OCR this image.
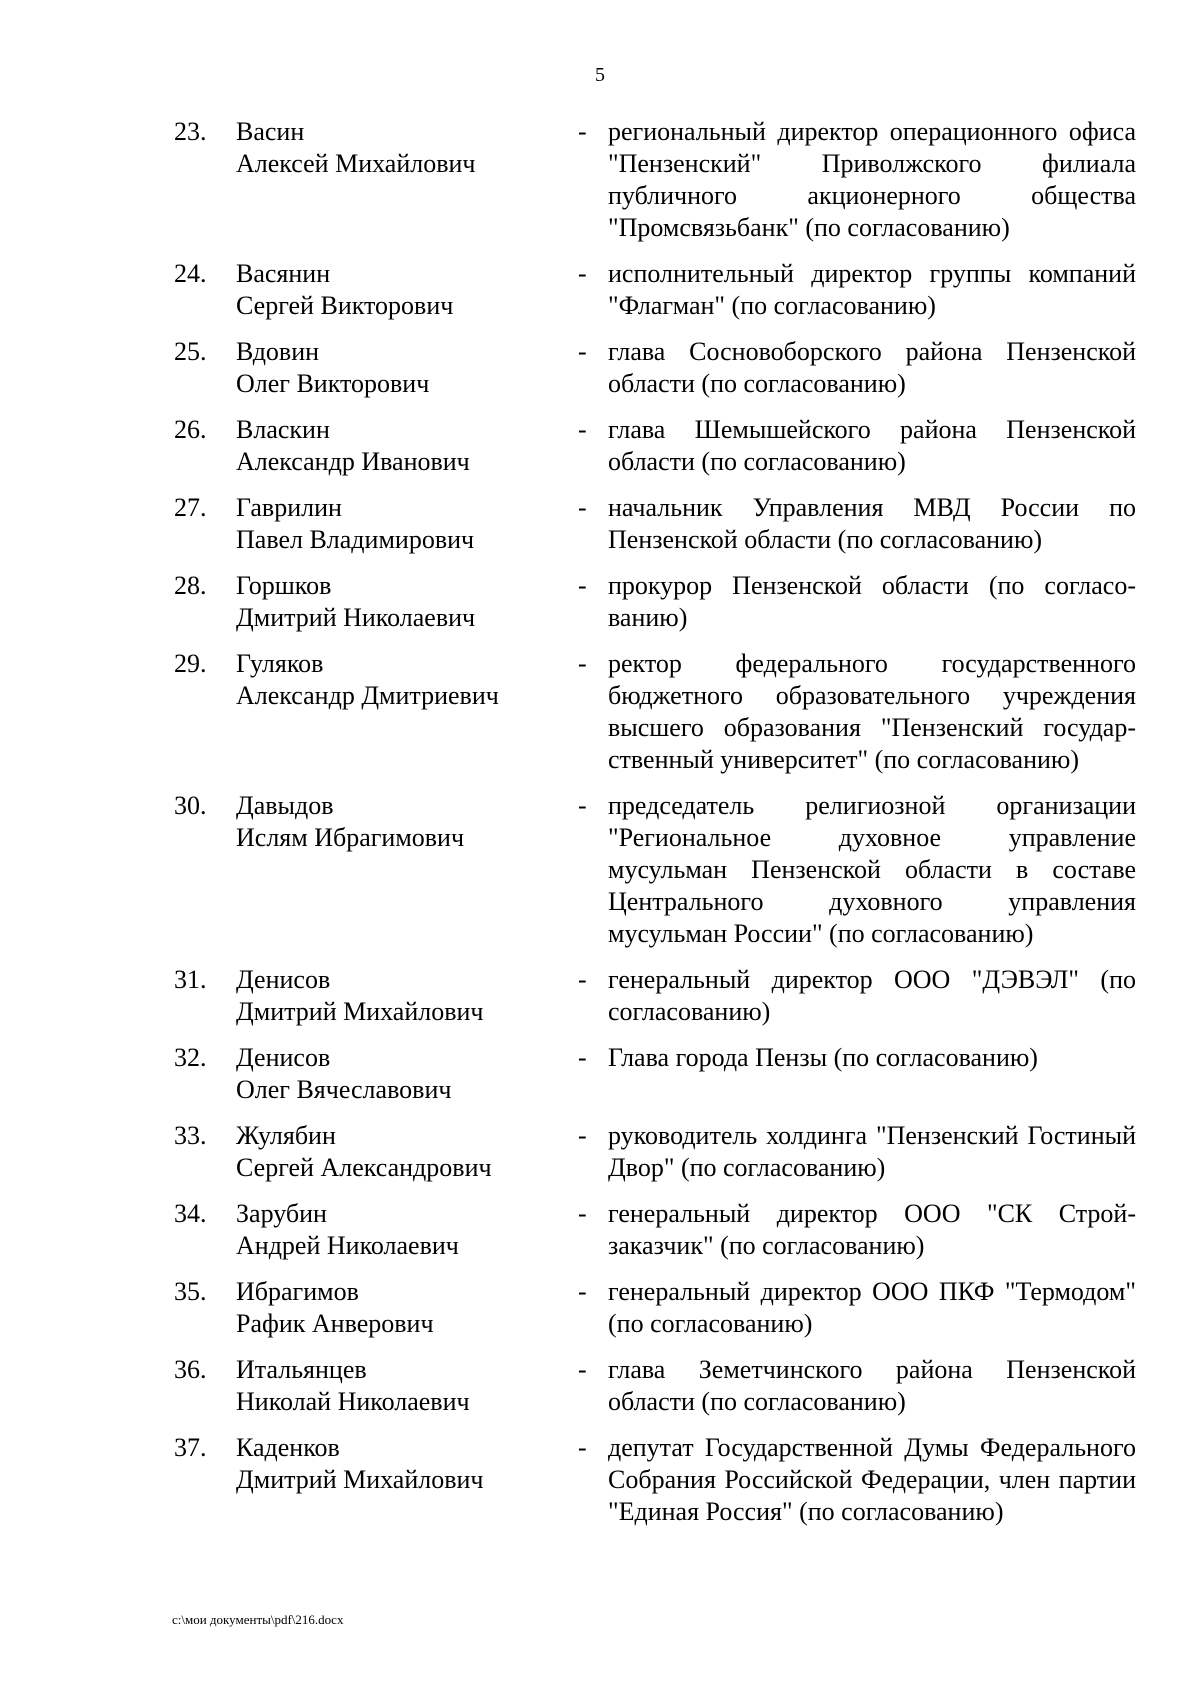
5
23. Васин
Алексей Михайлович
- региональный директор операционного офиса "Пензенский" Приволжского филиала публичного акционерного общества "Промсвязьбанк" (по согласованию)
24. Васянин
Сергей Викторович
- исполнительный директор группы компаний "Флагман" (по согласованию)
25. Вдовин
Олег Викторович
- глава Сосновоборского района Пензенской области (по согласованию)
26. Власкин
Александр Иванович
- глава Шемышейского района Пензенской области (по согласованию)
27. Гаврилин
Павел Владимирович
- начальник Управления МВД России по Пензенской области (по согласованию)
28. Горшков
Дмитрий Николаевич
- прокурор Пензенской области (по согласо-ванию)
29. Гуляков
Александр Дмитриевич
- ректор федерального государственного бюджетного образовательного учреждения высшего образования "Пензенский государ-ственный университет" (по согласованию)
30. Давыдов
Ислям Ибрагимович
- председатель религиозной организации "Региональное духовное управление мусульман Пензенской области в составе Центрального духовного управления мусульман России" (по согласованию)
31. Денисов
Дмитрий Михайлович
- генеральный директор ООО "ДЭВЭЛ" (по согласованию)
32. Денисов
Олег Вячеславович
- Глава города Пензы (по согласованию)
33. Жулябин
Сергей Александрович
- руководитель холдинга "Пензенский Гостиный Двор" (по согласованию)
34. Зарубин
Андрей Николаевич
- генеральный директор ООО "СК Строй-заказчик" (по согласованию)
35. Ибрагимов
Рафик Анверович
- генеральный директор ООО ПКФ "Термодом" (по согласованию)
36. Итальянцев
Николай Николаевич
- глава Земетчинского района Пензенской области (по согласованию)
37. Каденков
Дмитрий Михайлович
- депутат Государственной Думы Федерального Собрания Российской Федерации, член партии "Единая Россия" (по согласованию)
c:\мои документы\pdf\216.docx
